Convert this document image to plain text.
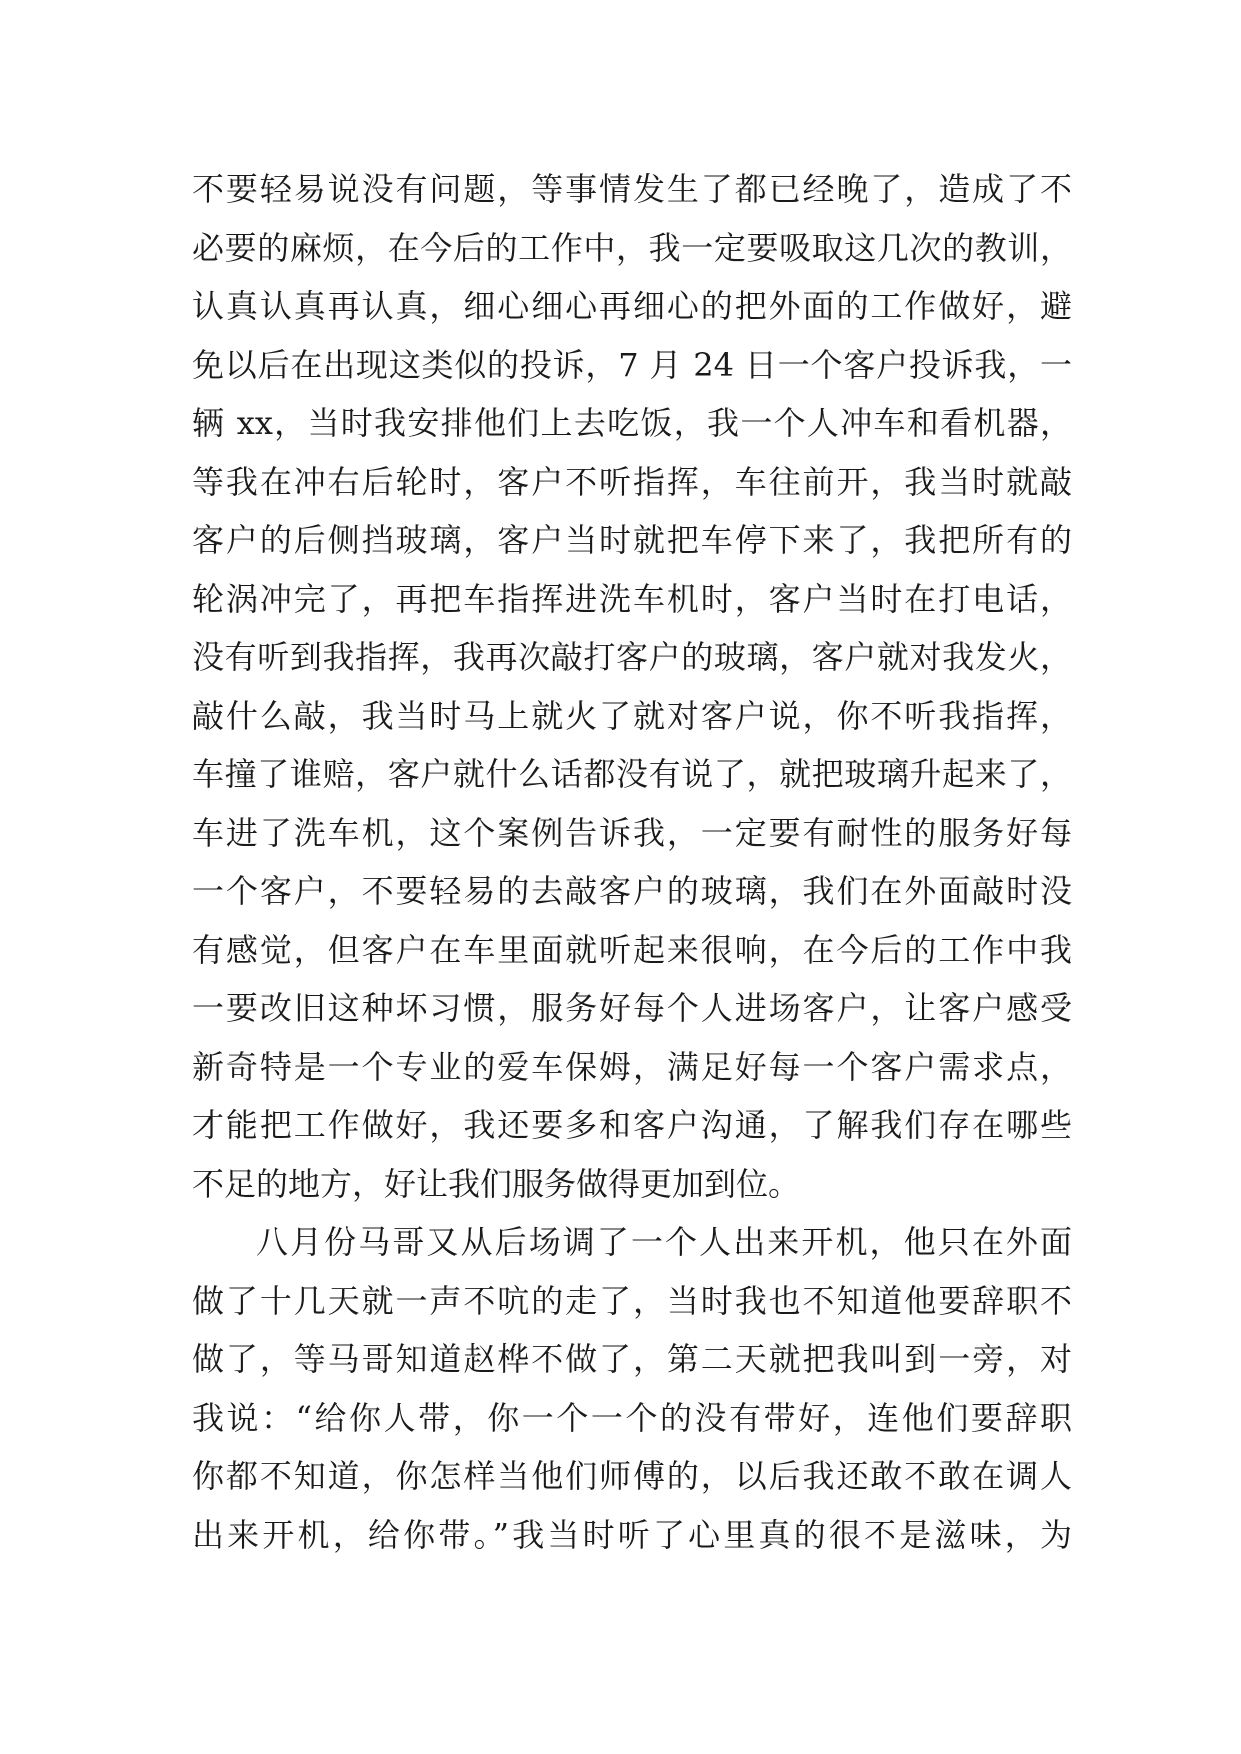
不要轻易说没有问题，等事情发生了都已经晚了，造成了不
必要的麻烦，在今后的工作中，我一定要吸取这几次的教训，
认真认真再认真，细心细心再细心的把外面的工作做好，避
免以后在出现这类似的投诉，7 月 24 日一个客户投诉我，一
辆 xx，当时我安排他们上去吃饭，我一个人冲车和看机器，
等我在冲右后轮时，客户不听指挥，车往前开，我当时就敲
客户的后侧挡玻璃，客户当时就把车停下来了，我把所有的
轮涡冲完了，再把车指挥进洗车机时，客户当时在打电话，
没有听到我指挥，我再次敲打客户的玻璃，客户就对我发火，
敲什么敲，我当时马上就火了就对客户说，你不听我指挥，
车撞了谁赔，客户就什么话都没有说了，就把玻璃升起来了，
车进了洗车机，这个案例告诉我，一定要有耐性的服务好每
一个客户，不要轻易的去敲客户的玻璃，我们在外面敲时没
有感觉，但客户在车里面就听起来很响，在今后的工作中我
一要改旧这种坏习惯，服务好每个人进场客户，让客户感受
新奇特是一个专业的爱车保姆，满足好每一个客户需求点，
才能把工作做好，我还要多和客户沟通，了解我们存在哪些
不足的地方，好让我们服务做得更加到位。
八月份马哥又从后场调了一个人出来开机，他只在外面
做了十几天就一声不吭的走了，当时我也不知道他要辞职不
做了，等马哥知道赵桦不做了，第二天就把我叫到一旁，对
我说：“给你人带，你一个一个的没有带好，连他们要辞职
你都不知道，你怎样当他们师傅的，以后我还敢不敢在调人
出来开机，给你带。”我当时听了心里真的很不是滋味，为
